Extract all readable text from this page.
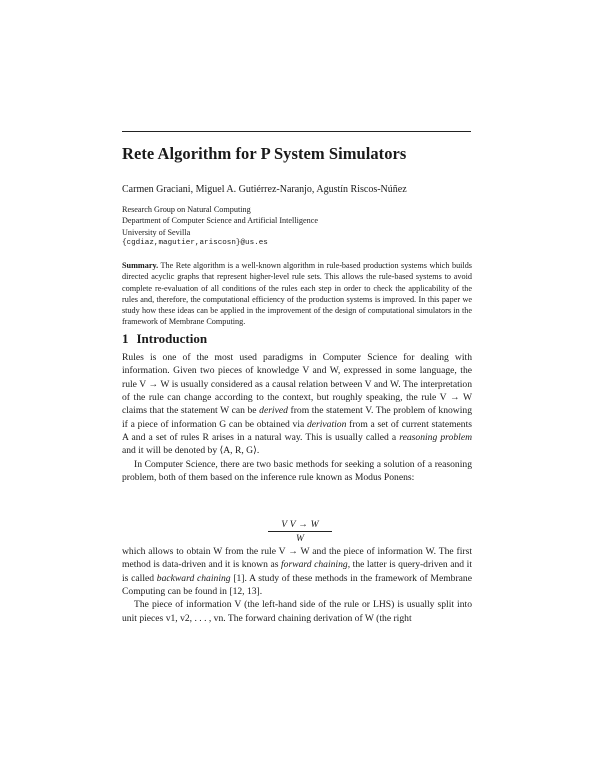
Rete Algorithm for P System Simulators
Carmen Graciani, Miguel A. Gutiérrez-Naranjo, Agustín Riscos-Núñez
Research Group on Natural Computing
Department of Computer Science and Artificial Intelligence
University of Sevilla
{cgdiaz,magutier,ariscosn}@us.es
Summary. The Rete algorithm is a well-known algorithm in rule-based production systems which builds directed acyclic graphs that represent higher-level rule sets. This allows the rule-based systems to avoid complete re-evaluation of all conditions of the rules each step in order to check the applicability of the rules and, therefore, the computational efficiency of the production systems is improved. In this paper we study how these ideas can be applied in the improvement of the design of computational simulators in the framework of Membrane Computing.
1 Introduction

Rules is one of the most used paradigms in Computer Science for dealing with information. Given two pieces of knowledge V and W, expressed in some language, the rule V → W is usually considered as a causal relation between V and W. The interpretation of the rule can change according to the context, but roughly speaking, the rule V → W claims that the statement W can be derived from the statement V. The problem of knowing if a piece of information G can be obtained via derivation from a set of current statements A and a set of rules R arises in a natural way. This is usually called a reasoning problem and it will be denoted by ⟨A, R, G⟩.

In Computer Science, there are two basic methods for seeking a solution of a reasoning problem, both of them based on the inference rule known as Modus Ponens:

V V → W
W

which allows to obtain W from the rule V → W and the piece of information W. The first method is data-driven and it is known as forward chaining, the latter is query-driven and it is called backward chaining [1]. A study of these methods in the framework of Membrane Computing can be found in [12, 13].

The piece of information V (the left-hand side of the rule or LHS) is usually split into unit pieces v1, v2, . . . , vn. The forward chaining derivation of W (the right
